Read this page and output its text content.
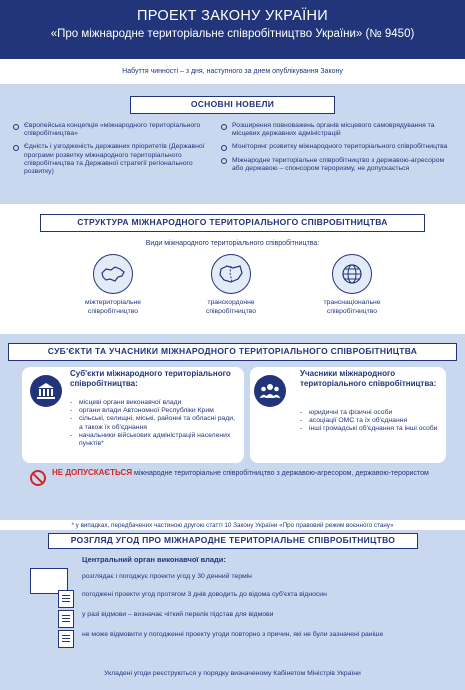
ПРОЕКТ ЗАКОНУ УКРАЇНИ
«Про міжнародне територіальне співробітництво України» (№ 9450)
Набуття чинності – з дня, наступного за днем опублікування Закону
ОСНОВНІ НОВЕЛИ
Європейська концепція «міжнародного територіального співробітництва»
Єдність і узгодженість державних пріоритетів (Державної програми розвитку міжнародного територіального співробітництва та Державної стратегії регіонального розвитку)
Розширення повноважень органів місцевого самоврядування та місцевих державних адміністрацій
Моніторинг розвитку міжнародного територіального співробітництва
Міжнародне територіальне співробітництво з державою-агресором або державою – спонсором тероризму, не допускається
СТРУКТУРА МІЖНАРОДНОГО ТЕРИТОРІАЛЬНОГО СПІВРОБІТНИЦТВА
Види міжнародного територіального співробітництва:
міжтериторіальне
співробітництво
транскордонне
співробітництво
транснаціональне
співробітництво
СУБ'ЄКТИ ТА УЧАСНИКИ МІЖНАРОДНОГО ТЕРИТОРІАЛЬНОГО СПІВРОБІТНИЦТВА
Суб'єкти міжнародного територіального співробітництва:
- місцеві органи виконавчої влади
- органи влади Автономної Республіки Крим
- сільські, селищні, міські, районні та обласні ради, а також їх об'єднання
- начальники військових адміністрацій населених пунктів*
Учасники міжнародного територіального співробітництва:
- юридичні та фізичні особи
- асоціації ОМС та їх об'єднання
- інші громадські об'єднання та інші особи
НЕ ДОПУСКАЄТЬСЯ міжнародне територіальне співробітництво з державою-агресором, державою-терористом
* у випадках, передбачених частиною другою статті 10 Закону України «Про правовий режим воєнного стану»
РОЗГЛЯД УГОД ПРО МІЖНАРОДНЕ ТЕРИТОРІАЛЬНЕ СПІВРОБІТНИЦТВО
Центральний орган виконавчої влади:
розглядає і погоджує проекти угод у 30 денний термін
погоджені проекти угод протягом 3 днів доводить до відома суб'єкта відносин
у разі відмови – визначає чіткий перелік підстав для відмови
не може відмовити у погодженні проекту угоди повторно з причин, які не були зазначені раніше
Укладені угоди реєструються у порядку визначеному Кабінетом Міністрів України
